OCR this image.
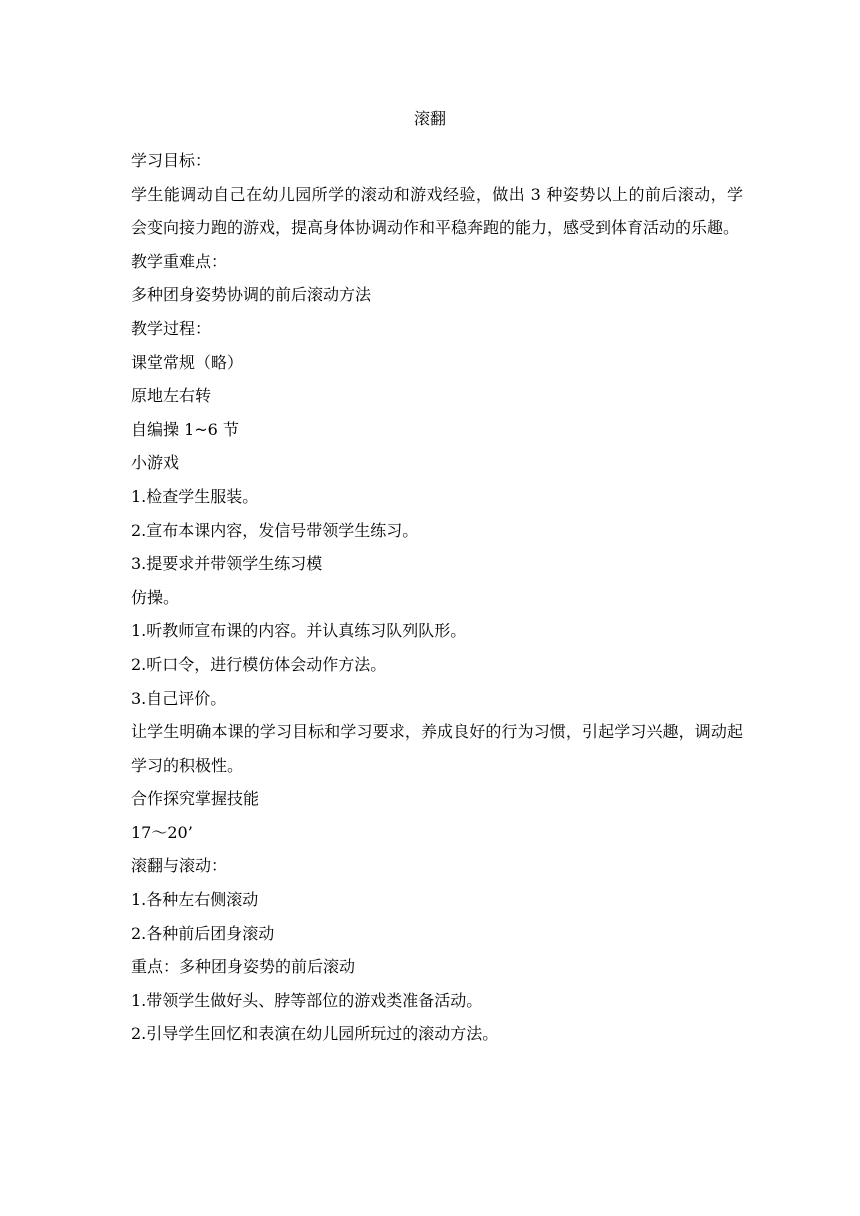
滚翻

学习目标：

学生能调动自己在幼儿园所学的滚动和游戏经验，做出 3 种姿势以上的前后滚动，学会变向接力跑的游戏，提高身体协调动作和平稳奔跑的能力，感受到体育活动的乐趣。

教学重难点：

多种团身姿势协调的前后滚动方法

教学过程：

课堂常规（略）

原地左右转

自编操 1~6 节

小游戏

1.检查学生服装。

2.宣布本课内容，发信号带领学生练习。

3.提要求并带领学生练习模

仿操。

1.听教师宣布课的内容。并认真练习队列队形。

2.听口令，进行模仿体会动作方法。

3.自己评价。

让学生明确本课的学习目标和学习要求，养成良好的行为习惯，引起学习兴趣，调动起学习的积极性。

合作探究掌握技能

17～20’

滚翻与滚动：

1.各种左右侧滚动

2.各种前后团身滚动

重点：多种团身姿势的前后滚动

1.带领学生做好头、脖等部位的游戏类准备活动。

2.引导学生回忆和表演在幼儿园所玩过的滚动方法。
